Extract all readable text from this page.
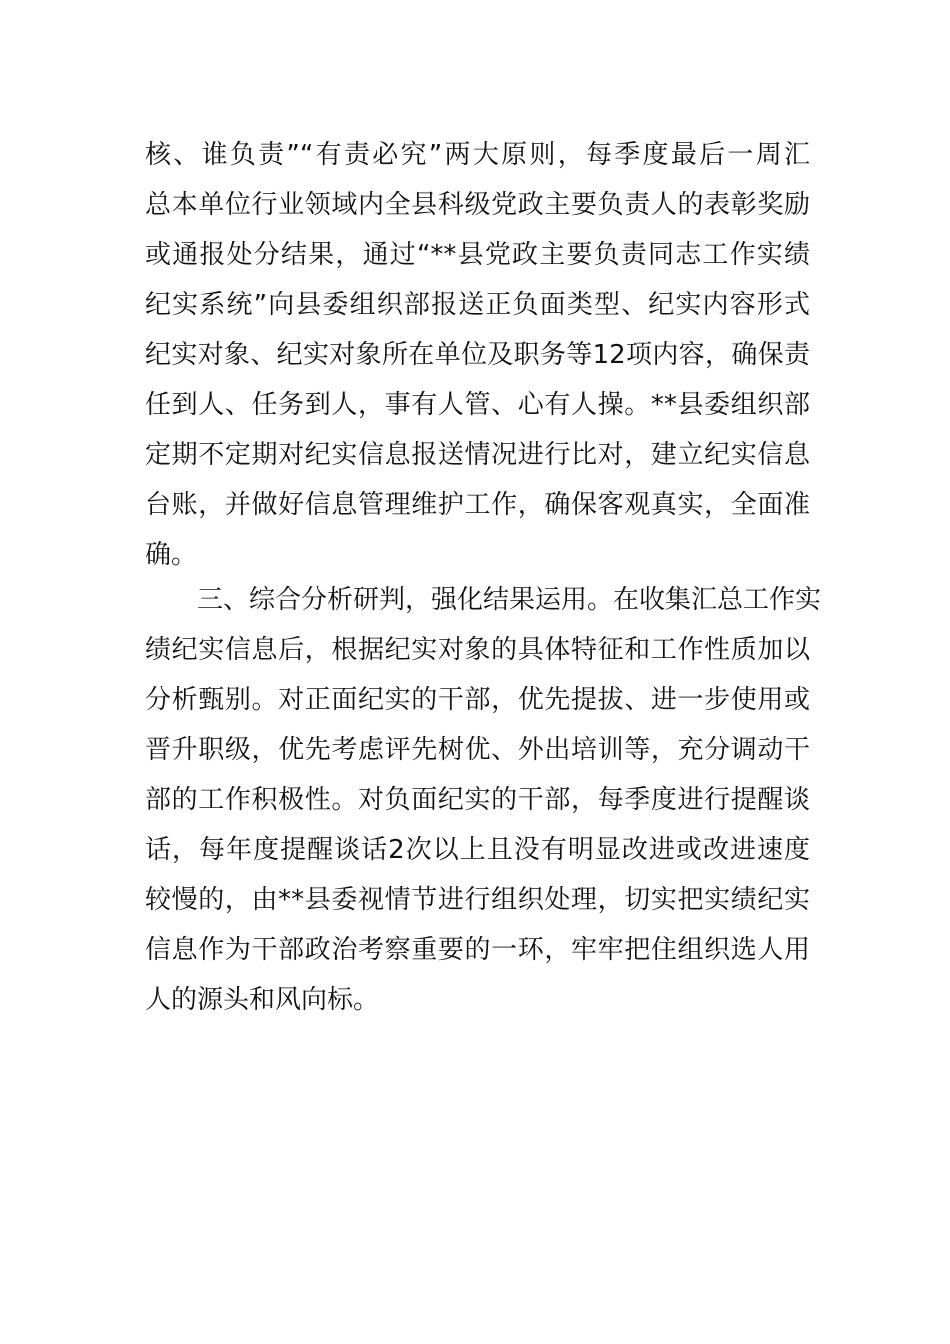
核、谁负责”“有责必究”两大原则，每季度最后一周汇
总本单位行业领域内全县科级党政主要负责人的表彰奖励
或通报处分结果，通过“**县党政主要负责同志工作实绩
纪实系统”向县委组织部报送正负面类型、纪实内容形式
纪实对象、纪实对象所在单位及职务等12项内容，确保责
任到人、任务到人，事有人管、心有人操。**县委组织部
定期不定期对纪实信息报送情况进行比对，建立纪实信息
台账，并做好信息管理维护工作，确保客观真实，全面准
确。
　　三、综合分析研判，强化结果运用。在收集汇总工作实
绩纪实信息后，根据纪实对象的具体特征和工作性质加以
分析甄别。对正面纪实的干部，优先提拔、进一步使用或
晋升职级，优先考虑评先树优、外出培训等，充分调动干
部的工作积极性。对负面纪实的干部，每季度进行提醒谈
话，每年度提醒谈话2次以上且没有明显改进或改进速度
较慢的，由**县委视情节进行组织处理，切实把实绩纪实
信息作为干部政治考察重要的一环，牢牢把住组织选人用
人的源头和风向标。
